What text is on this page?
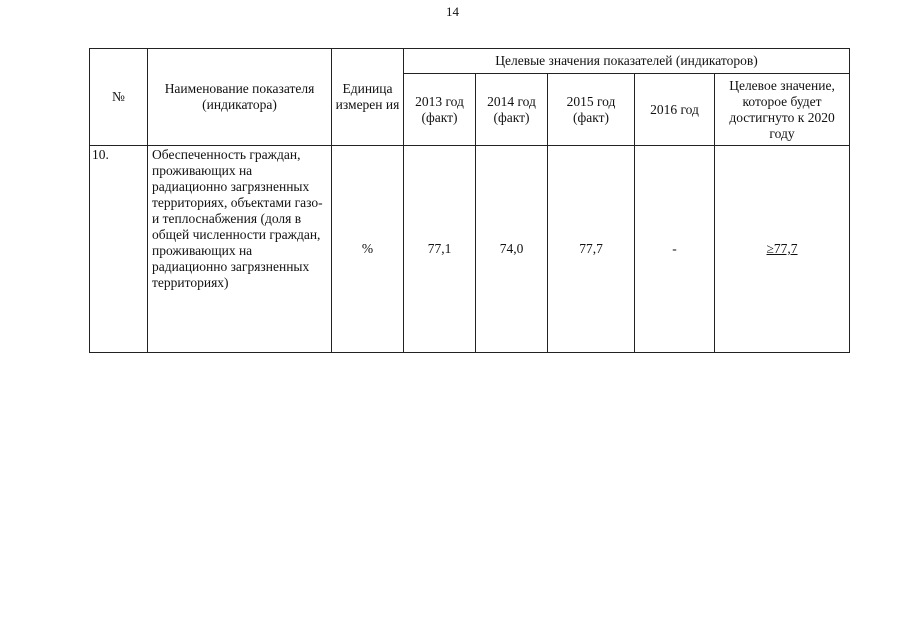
14
№	Наименование показателя (индикатора)	Единица измерен ия	Целевые значения показателей (индикаторов)				
			2013 год (факт)	2014 год (факт)	2015 год (факт)	2016 год	Целевое значение, которое будет достигнуто к 2020 году
10.	Обеспеченность граждан, проживающих на радиационно загрязненных территориях, объектами газо- и теплоснабжения (доля в общей численности граждан, проживающих на радиационно загрязненных территориях)	%	77,1	74,0	77,7	-	≥77,7
